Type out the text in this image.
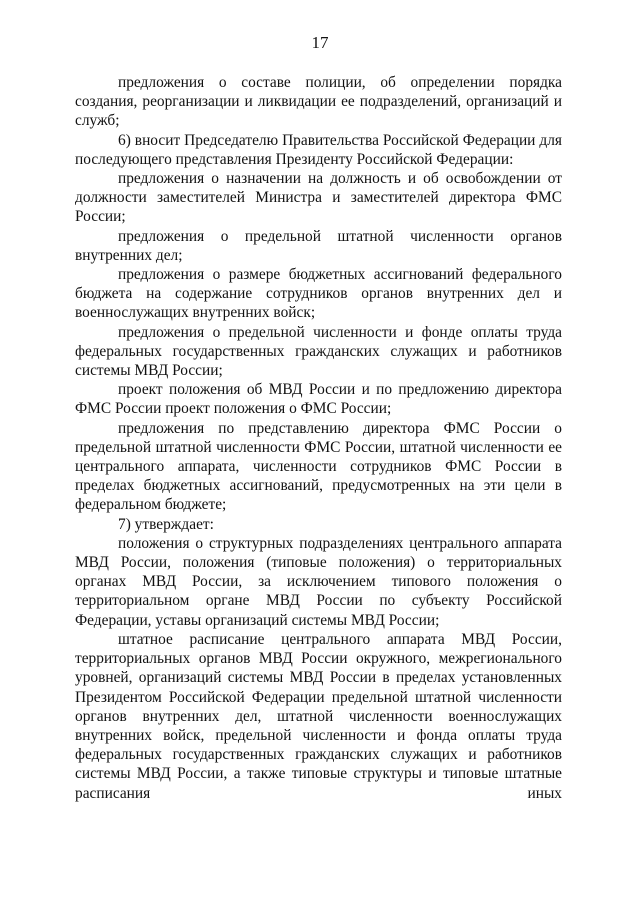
17

предложения о составе полиции, об определении порядка создания, реорганизации и ликвидации ее подразделений, организаций и служб;

6) вносит Председателю Правительства Российской Федерации для последующего представления Президенту Российской Федерации:

предложения о назначении на должность и об освобождении от должности заместителей Министра и заместителей директора ФМС России;

предложения о предельной штатной численности органов внутренних дел;

предложения о размере бюджетных ассигнований федерального бюджета на содержание сотрудников органов внутренних дел и военнослужащих внутренних войск;

предложения о предельной численности и фонде оплаты труда федеральных государственных гражданских служащих и работников системы МВД России;

проект положения об МВД России и по предложению директора ФМС России проект положения о ФМС России;

предложения по представлению директора ФМС России о предельной штатной численности ФМС России, штатной численности ее центрального аппарата, численности сотрудников ФМС России в пределах бюджетных ассигнований, предусмотренных на эти цели в федеральном бюджете;

7) утверждает:

положения о структурных подразделениях центрального аппарата МВД России, положения (типовые положения) о территориальных органах МВД России, за исключением типового положения о территориальном органе МВД России по субъекту Российской Федерации, уставы организаций системы МВД России;

штатное расписание центрального аппарата МВД России, территориальных органов МВД России окружного, межрегионального уровней, организаций системы МВД России в пределах установленных Президентом Российской Федерации предельной штатной численности органов внутренних дел, штатной численности военнослужащих внутренних войск, предельной численности и фонда оплаты труда федеральных государственных гражданских служащих и работников системы МВД России, а также типовые структуры и типовые штатные расписания иных
